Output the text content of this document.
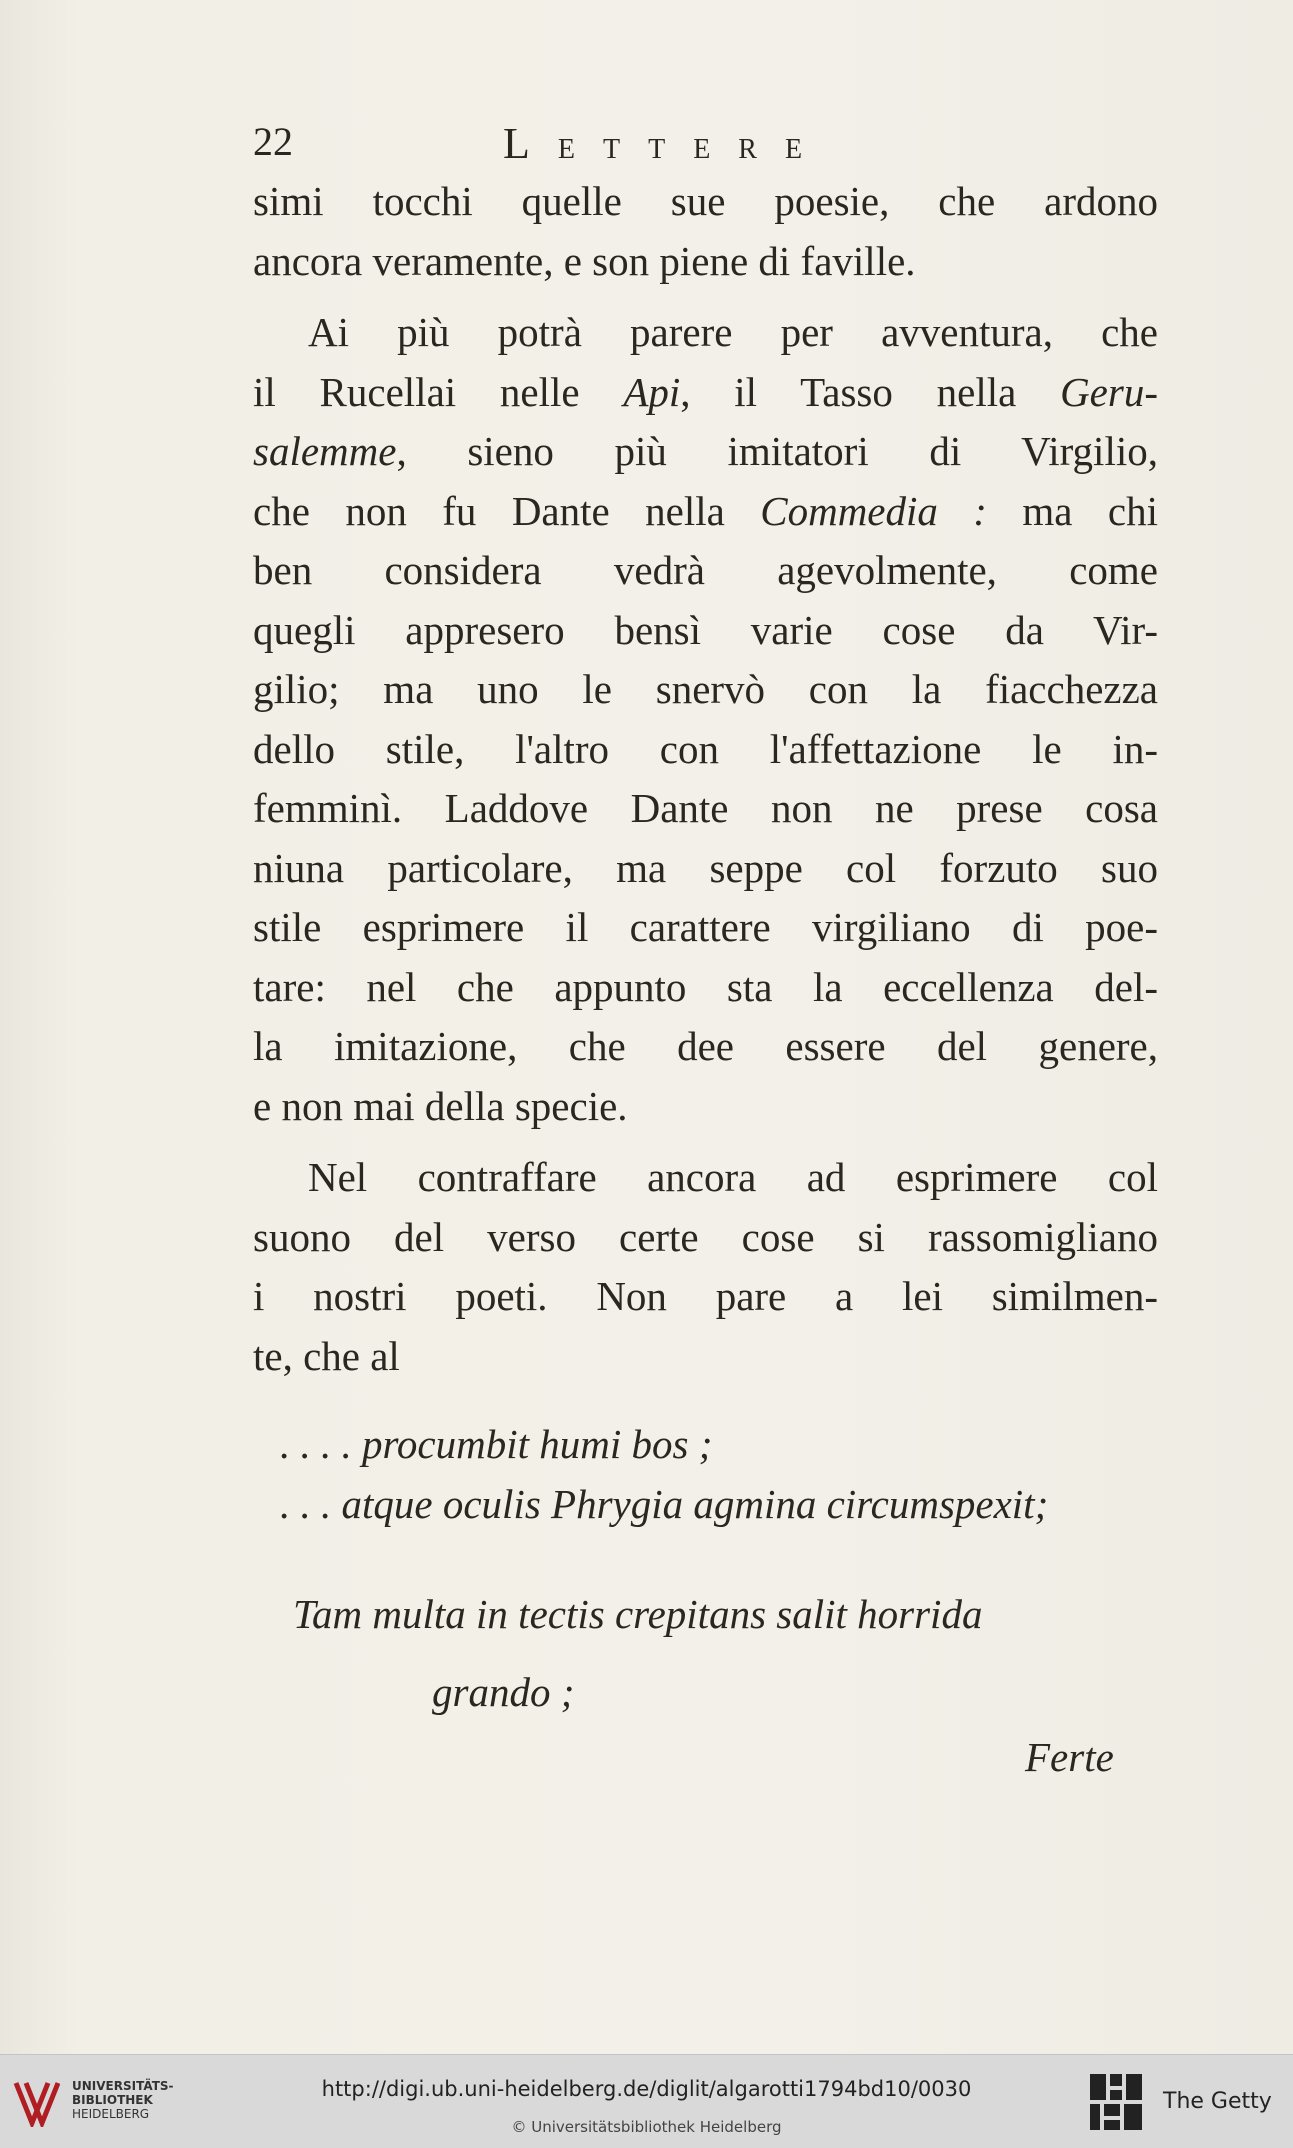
22	LETTERE
simi tocchi quelle sue poesie, che ardono
ancora veramente, e son piene di faville.
Ai più potrà parere per avventura, che
il Rucellai nelle Api, il Tasso nella Geru-
salemme, sieno più imitatori di Virgilio,
che non fu Dante nella Commedia : ma chi
ben considera vedrà agevolmente, come
quegli appresero bensì varie cose da Vir-
gilio; ma uno le snervò con la fiacchezza
dello stile, l'altro con l'affettazione le in-
femminì. Laddove Dante non ne prese cosa
niuna particolare, ma seppe col forzuto suo
stile esprimere il carattere virgiliano di poe-
tare: nel che appunto sta la eccellenza del-
la imitazione, che dee essere del genere,
e non mai della specie.
Nel contraffare ancora ad esprimere col
suono del verso certe cose si rassomigliano
i nostri poeti. Non pare a lei similmen-
te, che al
. . . . procumbit humi bos ;
. . . atque oculis Phrygia agmina circumspexit;
Tam multa in tectis crepitans salit horrida
grando ;
Ferte
UNIVERSITÄTS-
BIBLIOTHEK
HEIDELBERG
http://digi.ub.uni-heidelberg.de/diglit/algarotti1794bd10/0030
© Universitätsbibliothek Heidelberg
The Getty
